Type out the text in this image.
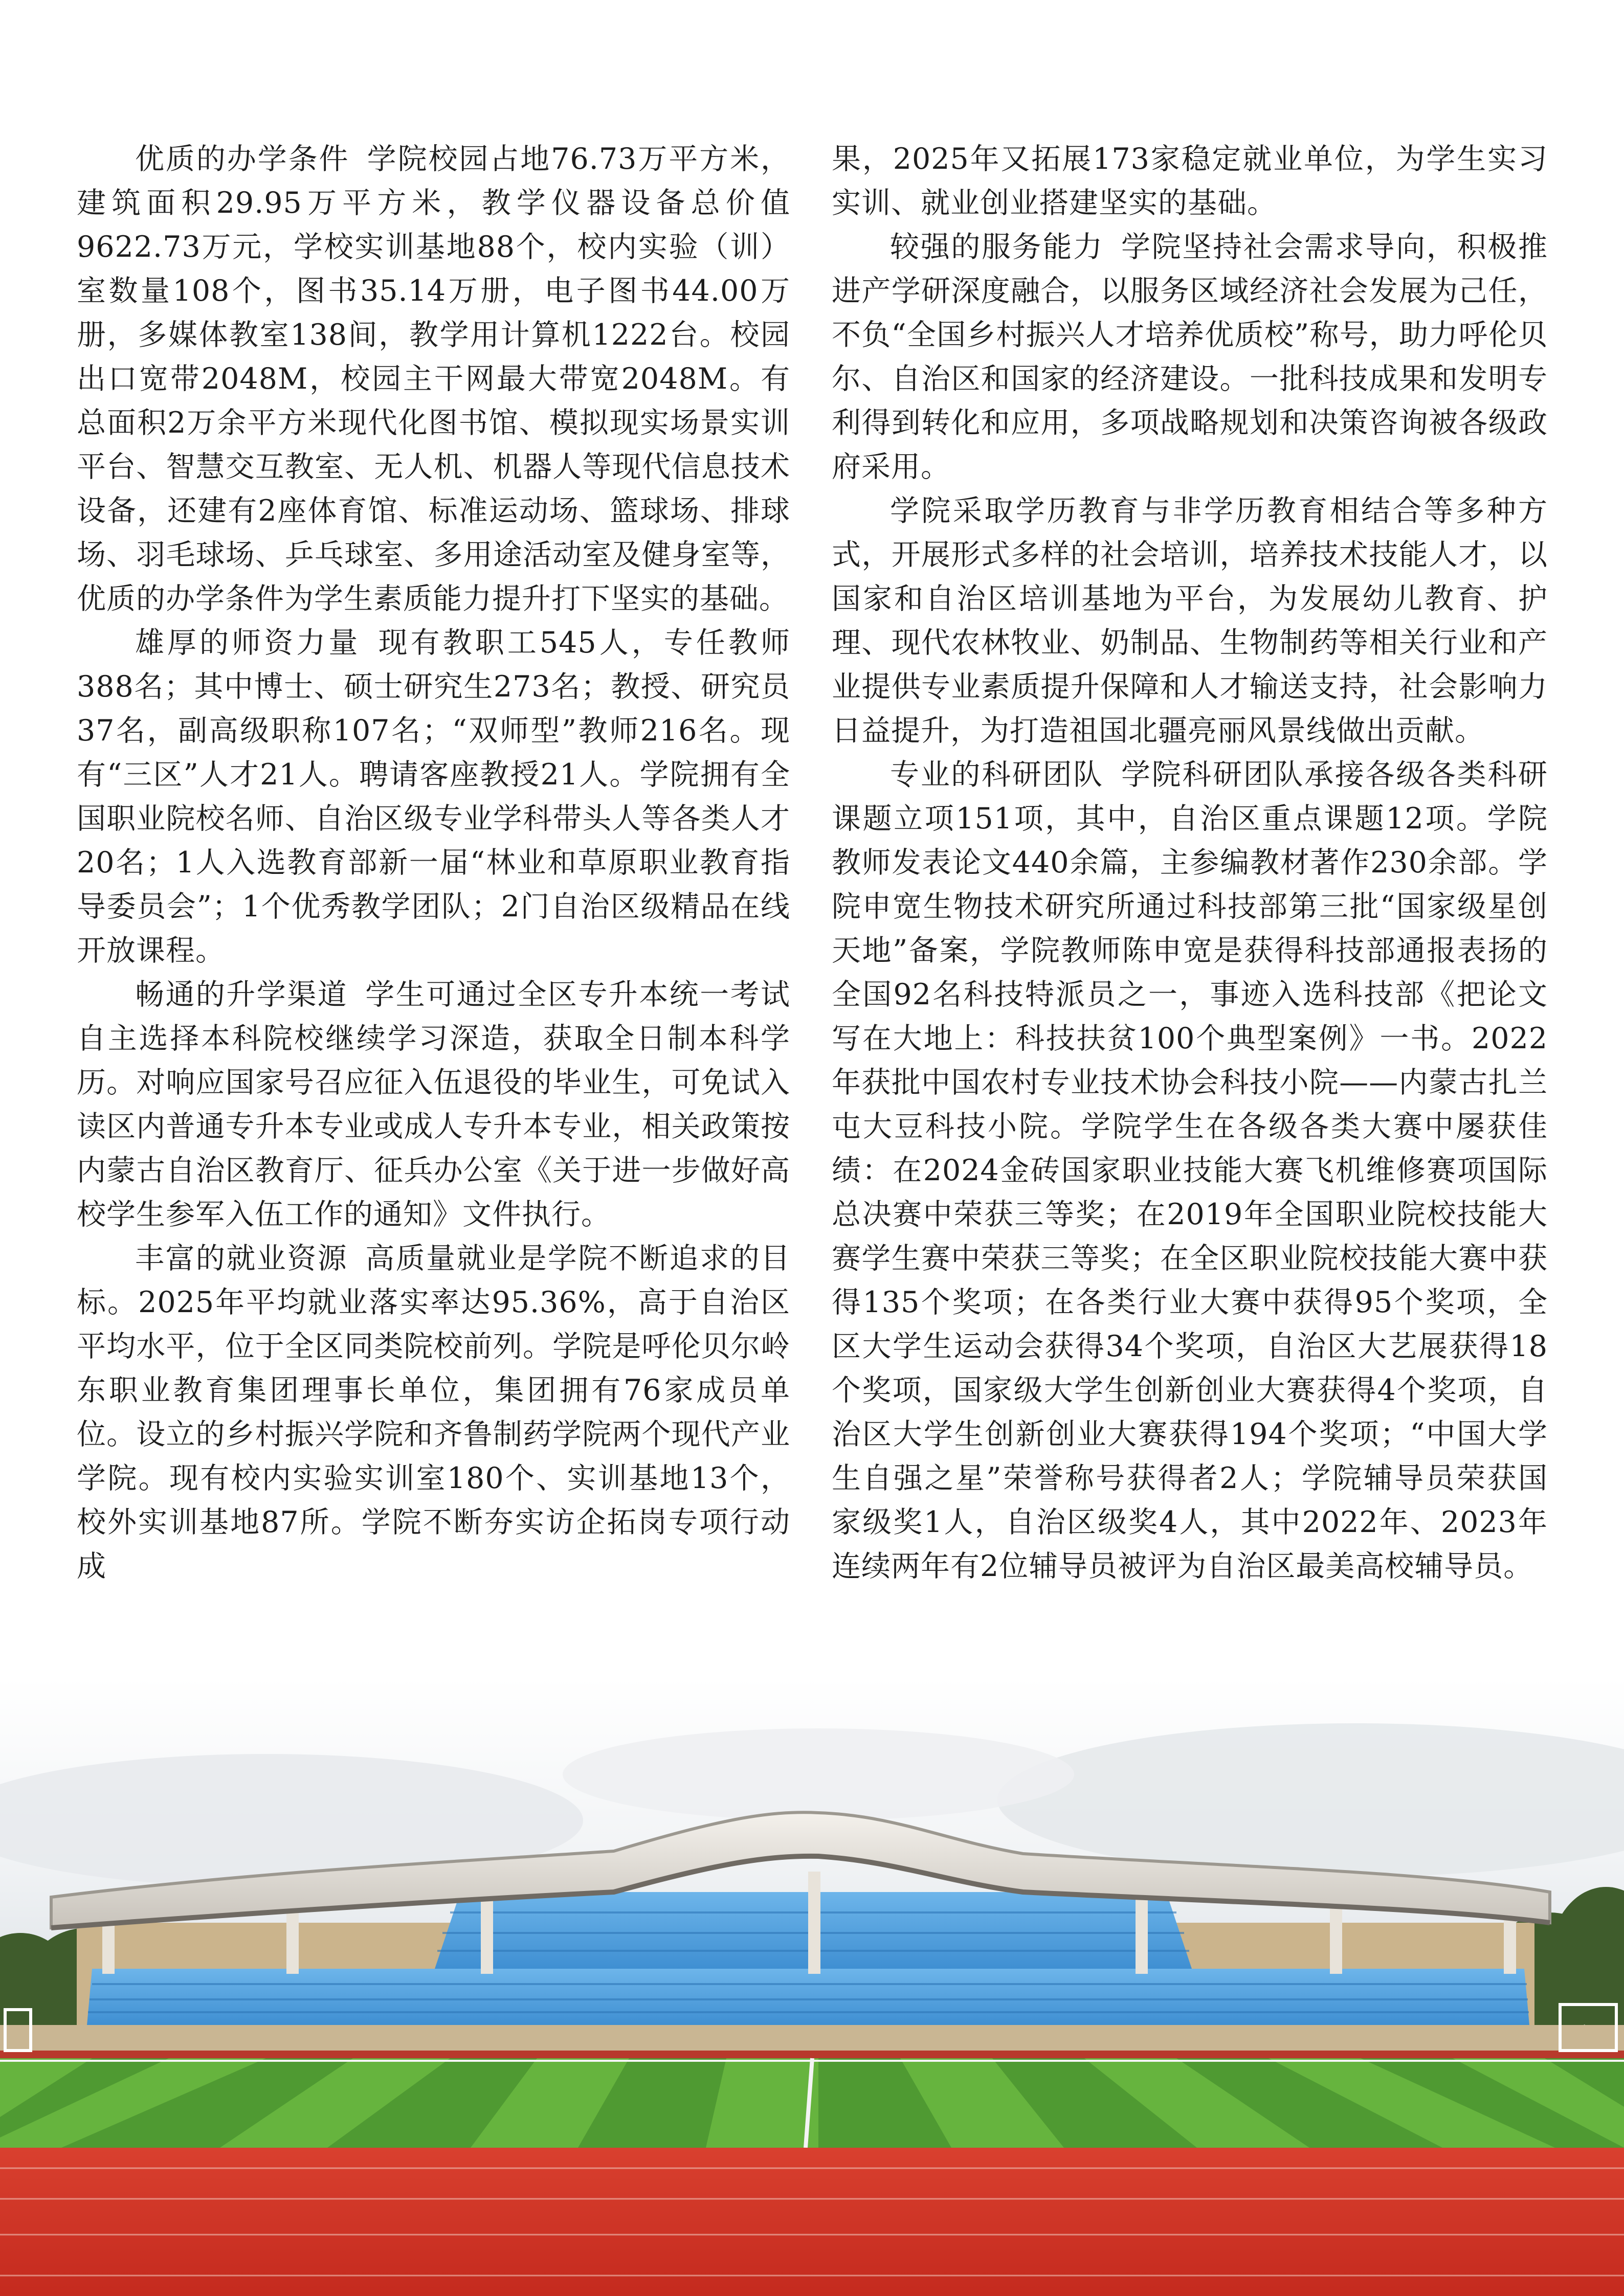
优质的办学条件 学院校园占地76.73万平方米，建筑面积29.95万平方米，教学仪器设备总价值9622.73万元，学校实训基地88个，校内实验（训）室数量108个，图书35.14万册，电子图书44.00万册，多媒体教室138间，教学用计算机1222台。校园出口宽带2048M，校园主干网最大带宽2048M。有总面积2万余平方米现代化图书馆、模拟现实场景实训平台、智慧交互教室、无人机、机器人等现代信息技术设备，还建有2座体育馆、标准运动场、篮球场、排球场、羽毛球场、乒乓球室、多用途活动室及健身室等，优质的办学条件为学生素质能力提升打下坚实的基础。

雄厚的师资力量 现有教职工545人，专任教师388名；其中博士、硕士研究生273名；教授、研究员37名，副高级职称107名；“双师型”教师216名。现有“三区”人才21人。聘请客座教授21人。学院拥有全国职业院校名师、自治区级专业学科带头人等各类人才20名；1人入选教育部新一届“林业和草原职业教育指导委员会”；1个优秀教学团队；2门自治区级精品在线开放课程。

畅通的升学渠道 学生可通过全区专升本统一考试自主选择本科院校继续学习深造，获取全日制本科学历。对响应国家号召应征入伍退役的毕业生，可免试入读区内普通专升本专业或成人专升本专业，相关政策按内蒙古自治区教育厅、征兵办公室《关于进一步做好高校学生参军入伍工作的通知》文件执行。

丰富的就业资源 高质量就业是学院不断追求的目标。2025年平均就业落实率达95.36%，高于自治区平均水平，位于全区同类院校前列。学院是呼伦贝尔岭东职业教育集团理事长单位，集团拥有76家成员单位。设立的乡村振兴学院和齐鲁制药学院两个现代产业学院。现有校内实验实训室180个、实训基地13个，校外实训基地87所。学院不断夯实访企拓岗专项行动成

果，2025年又拓展173家稳定就业单位，为学生实习实训、就业创业搭建坚实的基础。

较强的服务能力 学院坚持社会需求导向，积极推进产学研深度融合，以服务区域经济社会发展为己任，不负“全国乡村振兴人才培养优质校”称号，助力呼伦贝尔、自治区和国家的经济建设。一批科技成果和发明专利得到转化和应用，多项战略规划和决策咨询被各级政府采用。

学院采取学历教育与非学历教育相结合等多种方式，开展形式多样的社会培训，培养技术技能人才，以国家和自治区培训基地为平台，为发展幼儿教育、护理、现代农林牧业、奶制品、生物制药等相关行业和产业提供专业素质提升保障和人才输送支持，社会影响力日益提升，为打造祖国北疆亮丽风景线做出贡献。

专业的科研团队 学院科研团队承接各级各类科研课题立项151项，其中，自治区重点课题12项。学院教师发表论文440余篇，主参编教材著作230余部。学院申宽生物技术研究所通过科技部第三批“国家级星创天地”备案，学院教师陈申宽是获得科技部通报表扬的全国92名科技特派员之一，事迹入选科技部《把论文写在大地上：科技扶贫100个典型案例》一书。2022年获批中国农村专业技术协会科技小院——内蒙古扎兰屯大豆科技小院。学院学生在各级各类大赛中屡获佳绩：在2024金砖国家职业技能大赛飞机维修赛项国际总决赛中荣获三等奖；在2019年全国职业院校技能大赛学生赛中荣获三等奖；在全区职业院校技能大赛中获得135个奖项；在各类行业大赛中获得95个奖项，全区大学生运动会获得34个奖项，自治区大艺展获得18个奖项，国家级大学生创新创业大赛获得4个奖项，自治区大学生创新创业大赛获得194个奖项；“中国大学生自强之星”荣誉称号获得者2人；学院辅导员荣获国家级奖1人，自治区级奖4人，其中2022年、2023年连续两年有2位辅导员被评为自治区最美高校辅导员。
